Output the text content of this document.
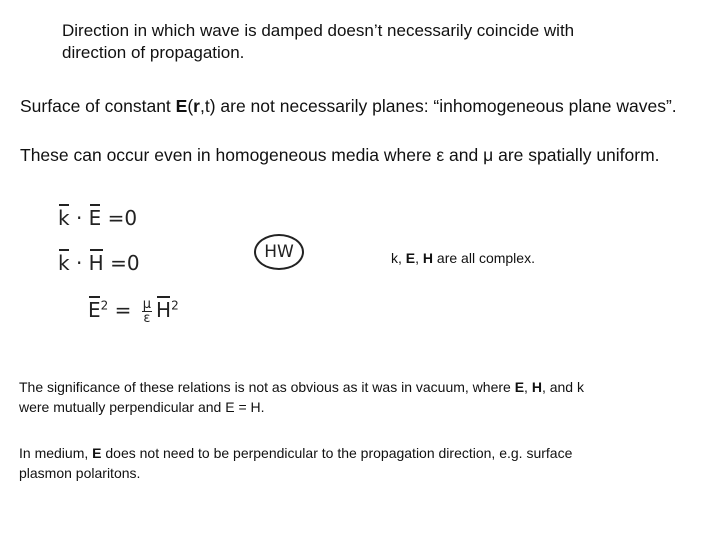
Direction in which wave is damped doesn’t necessarily coincide with
direction of propagation.

Surface of constant E(r,t) are not necessarily planes: “inhomogeneous plane waves”.

These can occur even in homogeneous media where ε and μ are spatially uniform.

k · E =0
k · H =0
$E^2 = \frac{\mu}{\varepsilon} H^2$
HW	k, E, H are all complex.

The significance of these relations is not as obvious as it was in vacuum, where E, H, and k
were mutually perpendicular and E = H.

In medium, E does not need to be perpendicular to the propagation direction, e.g. surface
plasmon polaritons.
